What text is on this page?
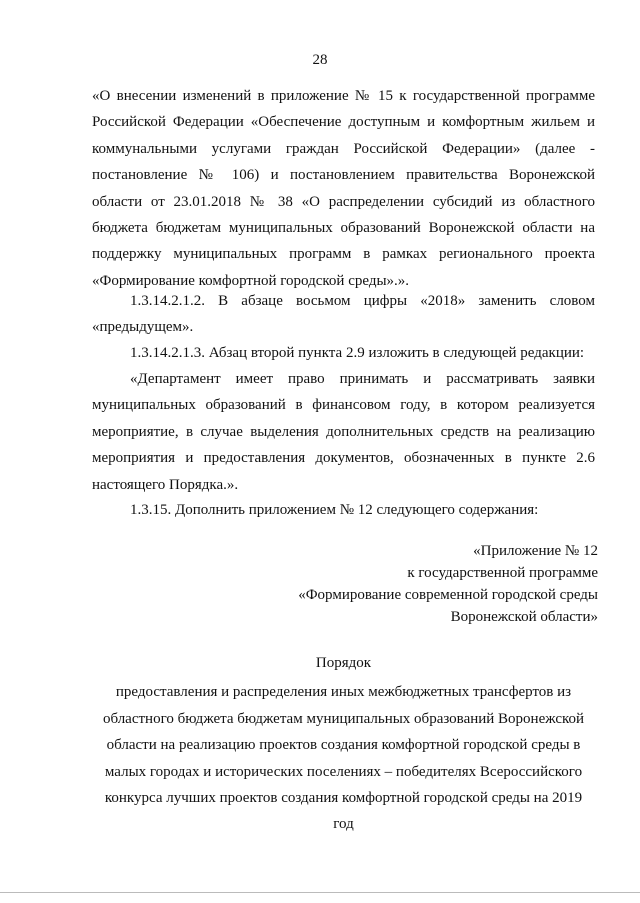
28

«О внесении изменений в приложение № 15 к государственной программе Российской Федерации «Обеспечение доступным и комфортным жильем и коммунальными услугами граждан Российской Федерации» (далее - постановление № 106) и постановлением правительства Воронежской области от 23.01.2018 № 38 «О распределении субсидий из областного бюджета бюджетам муниципальных образований Воронежской области на поддержку муниципальных программ в рамках регионального проекта «Формирование комфортной городской среды».».

1.3.14.2.1.2. В абзаце восьмом цифры «2018» заменить словом «предыдущем».

1.3.14.2.1.3. Абзац второй пункта 2.9 изложить в следующей редакции:

«Департамент имеет право принимать и рассматривать заявки муниципальных образований в финансовом году, в котором реализуется мероприятие, в случае выделения дополнительных средств на реализацию мероприятия и предоставления документов, обозначенных в пункте 2.6 настоящего Порядка.».

1.3.15. Дополнить приложением № 12 следующего содержания:

«Приложение № 12
к государственной программе
«Формирование современной городской среды
Воронежской области»
Порядок
предоставления и распределения иных межбюджетных трансфертов из
областного бюджета бюджетам муниципальных образований Воронежской
области на реализацию проектов создания комфортной городской среды в
малых городах и исторических поселениях – победителях Всероссийского
конкурса лучших проектов создания комфортной городской среды на 2019
год
